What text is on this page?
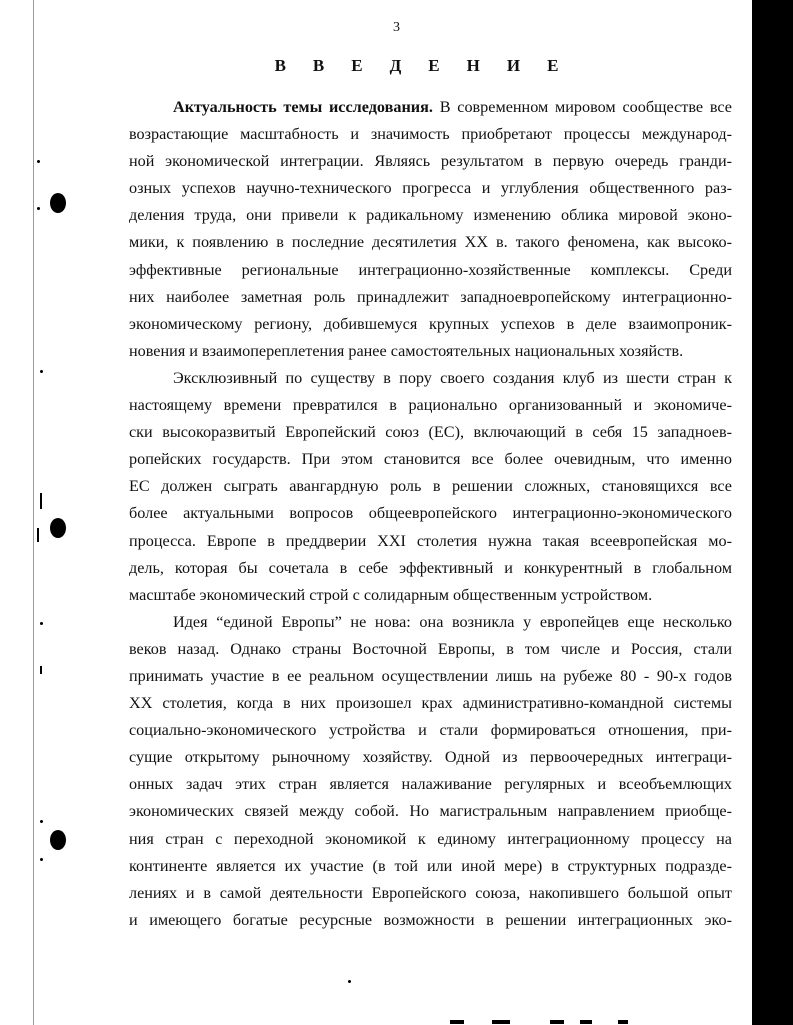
3
ВВЕДЕНИЕ

Актуальность темы исследования. В современном мировом сообществе все
возрастающие масштабность и значимость приобретают процессы международ-
ной экономической интеграции. Являясь результатом в первую очередь гранди-
озных успехов научно-технического прогресса и углубления общественного раз-
деления труда, они привели к радикальному изменению облика мировой эконо-
мики, к появлению в последние десятилетия XX в. такого феномена, как высоко-
эффективные региональные интеграционно-хозяйственные комплексы. Среди
них наиболее заметная роль принадлежит западноевропейскому интеграционно-
экономическому региону, добившемуся крупных успехов в деле взаимопроник-
новения и взаимопереплетения ранее самостоятельных национальных хозяйств.

Эксклюзивный по существу в пору своего создания клуб из шести стран к
настоящему времени превратился в рационально организованный и экономиче-
ски высокоразвитый Европейский союз (ЕС), включающий в себя 15 западноев-
ропейских государств. При этом становится все более очевидным, что именно
ЕС должен сыграть авангардную роль в решении сложных, становящихся все
более актуальными вопросов общеевропейского интеграционно-экономического
процесса. Европе в преддверии XXI столетия нужна такая всеевропейская мо-
дель, которая бы сочетала в себе эффективный и конкурентный в глобальном
масштабе экономический строй с солидарным общественным устройством.

Идея “единой Европы” не нова: она возникла у европейцев еще несколько
веков назад. Однако страны Восточной Европы, в том числе и Россия, стали
принимать участие в ее реальном осуществлении лишь на рубеже 80 - 90-х годов
XX столетия, когда в них произошел крах административно-командной системы
социально-экономического устройства и стали формироваться отношения, при-
сущие открытому рыночному хозяйству. Одной из первоочередных интеграци-
онных задач этих стран является налаживание регулярных и всеобъемлющих
экономических связей между собой. Но магистральным направлением приобще-
ния стран с переходной экономикой к единому интеграционному процессу на
континенте является их участие (в той или иной мере) в структурных подразде-
лениях и в самой деятельности Европейского союза, накопившего большой опыт
и имеющего богатые ресурсные возможности в решении интеграционных эко-
